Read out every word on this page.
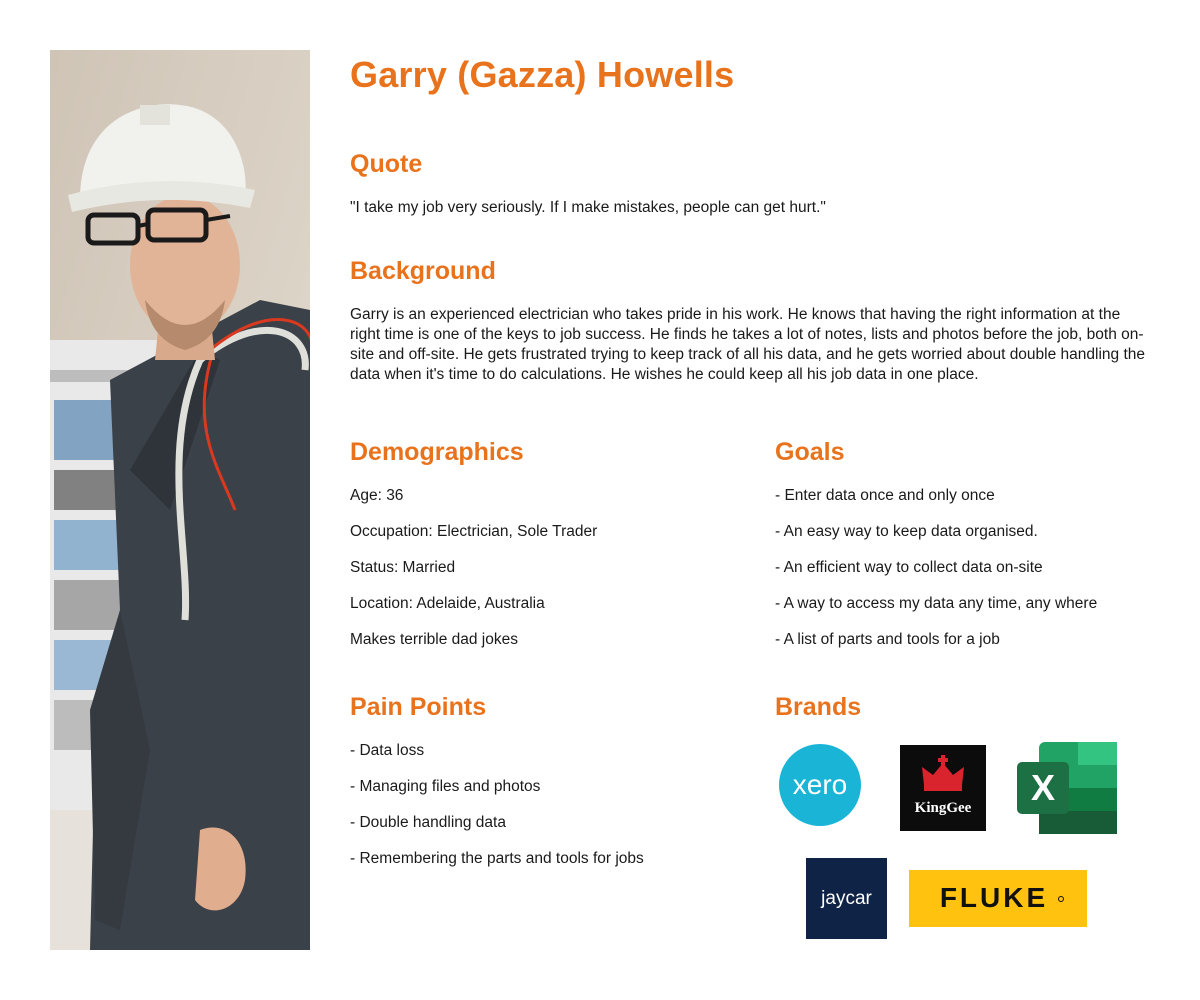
Garry (Gazza) Howells
Quote

"I take my job very seriously. If I make mistakes, people can get hurt."

Background

Garry is an experienced electrician who takes pride in his work. He knows that having the right information at the right time is one of the keys to job success. He finds he takes a lot of notes, lists and photos before the job, both on-site and off-site. He gets frustrated trying to keep track of all his data, and he gets worried about double handling the data when it's time to do calculations. He wishes he could keep all his job data in one place.

Demographics
Age: 36
Occupation: Electrician, Sole Trader
Status: Married
Location: Adelaide, Australia
Makes terrible dad jokes
Goals
- Enter data once and only once
- An easy way to keep data organised.
- An efficient way to collect data on-site
- A way to access my data any time, any where
- A list of parts and tools for a job
Pain Points
- Data loss
- Managing files and photos
- Double handling data
- Remembering the parts and tools for jobs
Brands
xero
KingGee X
jaycar FLUKE
